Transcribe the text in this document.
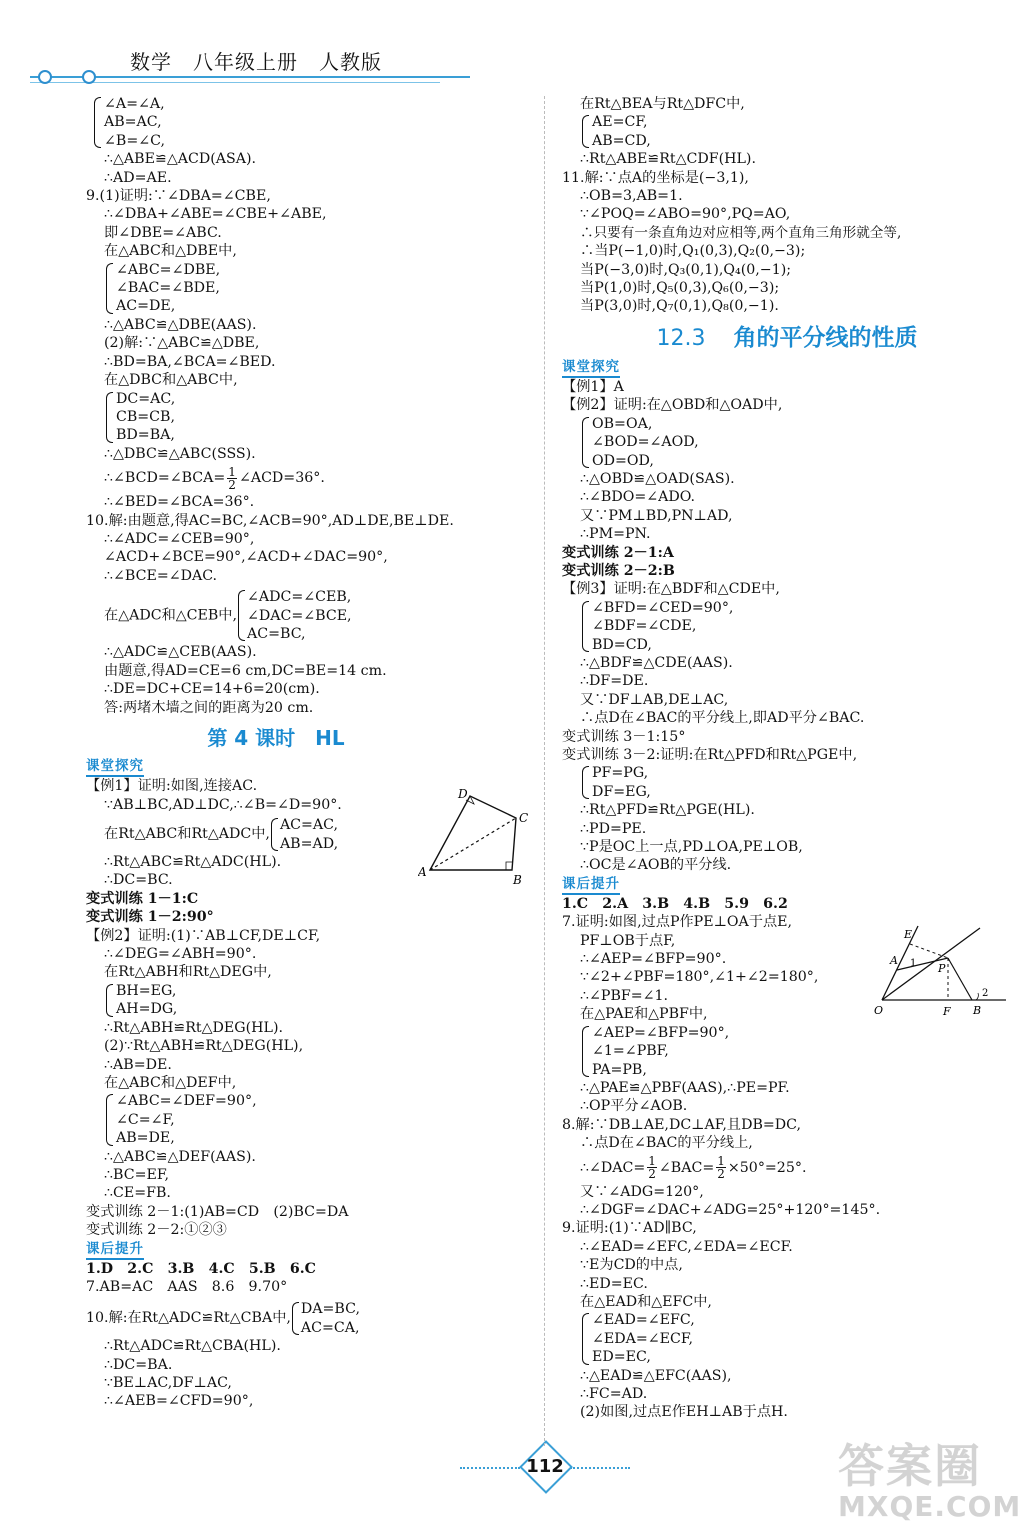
数学　八年级上册　人教版
∠A=∠A,
AB=AC,
∠B=∠C,
∴△ABE≌△ACD(ASA).
∴AD=AE.
9.(1)证明:∵∠DBA=∠CBE,
∴∠DBA+∠ABE=∠CBE+∠ABE,
即∠DBE=∠ABC.
在△ABC和△DBE中,
∠ABC=∠DBE,
∠BAC=∠BDE,
AC=DE,
∴△ABC≌△DBE(AAS).
(2)解:∵△ABC≌△DBE,
∴BD=BA,∠BCA=∠BED.
在△DBC和△ABC中,
DC=AC,
CB=CB,
BD=BA,
∴△DBC≌△ABC(SSS).
∴∠BCD=∠BCA= $\frac{1}{2}$ ∠ACD=36°.
∴∠BED=∠BCA=36°.
10.解:由题意,得AC=BC,∠ACB=90°,AD⊥DE,BE⊥DE.
∴∠ADC=∠CEB=90°,
∠ACD+∠BCE=90°,∠ACD+∠DAC=90°,
∴∠BCE=∠DAC.
在△ADC和△CEB中,
∠ADC=∠CEB,
∠DAC=∠BCE,
AC=BC,
∴△ADC≌△CEB(AAS).
由题意,得AD=CE=6 cm,DC=BE=14 cm.
∴DE=DC+CE=14+6=20(cm).
答:两堵木墙之间的距离为20 cm.
第 4 课时　HL
课堂探究
【例1】证明:如图,连接AC.
∵AB⊥BC,AD⊥DC,∴∠B=∠D=90°.
在Rt△ABC和Rt△ADC中,
AC=AC,
AB=AD,
∴Rt△ABC≌Rt△ADC(HL).
∴DC=BC.
变式训练 1－1:C
变式训练 1－2:90°
【例2】证明:(1)∵AB⊥CF,DE⊥CF,
∴∠DEG=∠ABH=90°.
在Rt△ABH和Rt△DEG中,
BH=EG,
AH=DG,
∴Rt△ABH≌Rt△DEG(HL).
(2)∵Rt△ABH≌Rt△DEG(HL),
∴AB=DE.
在△ABC和△DEF中,
∠ABC=∠DEF=90°,
∠C=∠F,
AB=DE,
∴△ABC≌△DEF(AAS).
∴BC=EF,
∴CE=FB.
变式训练 2－1:(1)AB=CD　(2)BC=DA
变式训练 2－2:①②③
课后提升
1.D　2.C　3.B　4.C　5.B　6.C
7.AB=AC　AAS　8.6　9.70°
10.解:在Rt△ADC≌Rt△CBA中,
DA=BC,
AC=CA,
∴Rt△ADC≌Rt△CBA(HL).
∴DC=BA.
∵BE⊥AC,DF⊥AC,
∴∠AEB=∠CFD=90°,
A
B
C
D
在Rt△BEA与Rt△DFC中,
AE=CF,
AB=CD,
∴Rt△ABE≌Rt△CDF(HL).
11.解:∵点A的坐标是(−3,1),
∴OB=3,AB=1.
∵∠POQ=∠ABO=90°,PQ=AO,
∴只要有一条直角边对应相等,两个直角三角形就全等,
∴当P(−1,0)时,Q₁(0,3),Q₂(0,−3);
当P(−3,0)时,Q₃(0,1),Q₄(0,−1);
当P(1,0)时,Q₅(0,3),Q₆(0,−3);
当P(3,0)时,Q₇(0,1),Q₈(0,−1).
12.3 角的平分线的性质
课堂探究
【例1】A
【例2】证明:在△OBD和△OAD中,
OB=OA,
∠BOD=∠AOD,
OD=OD,
∴△OBD≌△OAD(SAS).
∴∠BDO=∠ADO.
又∵PM⊥BD,PN⊥AD,
∴PM=PN.
变式训练 2－1:A
变式训练 2－2:B
【例3】证明:在△BDF和△CDE中,
∠BFD=∠CED=90°,
∠BDF=∠CDE,
BD=CD,
∴△BDF≌△CDE(AAS).
∴DF=DE.
又∵DF⊥AB,DE⊥AC,
∴点D在∠BAC的平分线上,即AD平分∠BAC.
变式训练 3－1:15°
变式训练 3－2:证明:在Rt△PFD和Rt△PGE中,
PF=PG,
DF=EG,
∴Rt△PFD≌Rt△PGE(HL).
∴PD=PE.
∵P是OC上一点,PD⊥OA,PE⊥OB,
∴OC是∠AOB的平分线.
课后提升
1.C　2.A　3.B　4.B　5.9　6.2
7.证明:如图,过点P作PE⊥OA于点E,
PF⊥OB于点F,
∴∠AEP=∠BFP=90°.
∵∠2+∠PBF=180°,∠1+∠2=180°,
∴∠PBF=∠1.
在△PAE和△PBF中,
∠AEP=∠BFP=90°,
∠1=∠PBF,
PA=PB,
∴△PAE≌△PBF(AAS),∴PE=PF.
∴OP平分∠AOB.
8.解:∵DB⊥AE,DC⊥AF,且DB=DC,
∴点D在∠BAC的平分线上,
∴∠DAC= $\frac{1}{2}$ ∠BAC= $\frac{1}{2} \times 50^\circ=25^\circ$.
又∵∠ADG=120°,
∴∠DGF=∠DAC+∠ADG=25°+120°=145°.
9.证明:(1)∵AD∥BC,
∴∠EAD=∠EFC,∠EDA=∠ECF.
∵E为CD的中点,
∴ED=EC.
在△EAD和△EFC中,
∠EAD=∠EFC,
∠EDA=∠ECF,
ED=EC,
∴△EAD≌△EFC(AAS),
∴FC=AD.
(2)如图,过点E作EH⊥AB于点H.
E
A 1 P
O	F B
2
112	答案圈
MXQE.COM
